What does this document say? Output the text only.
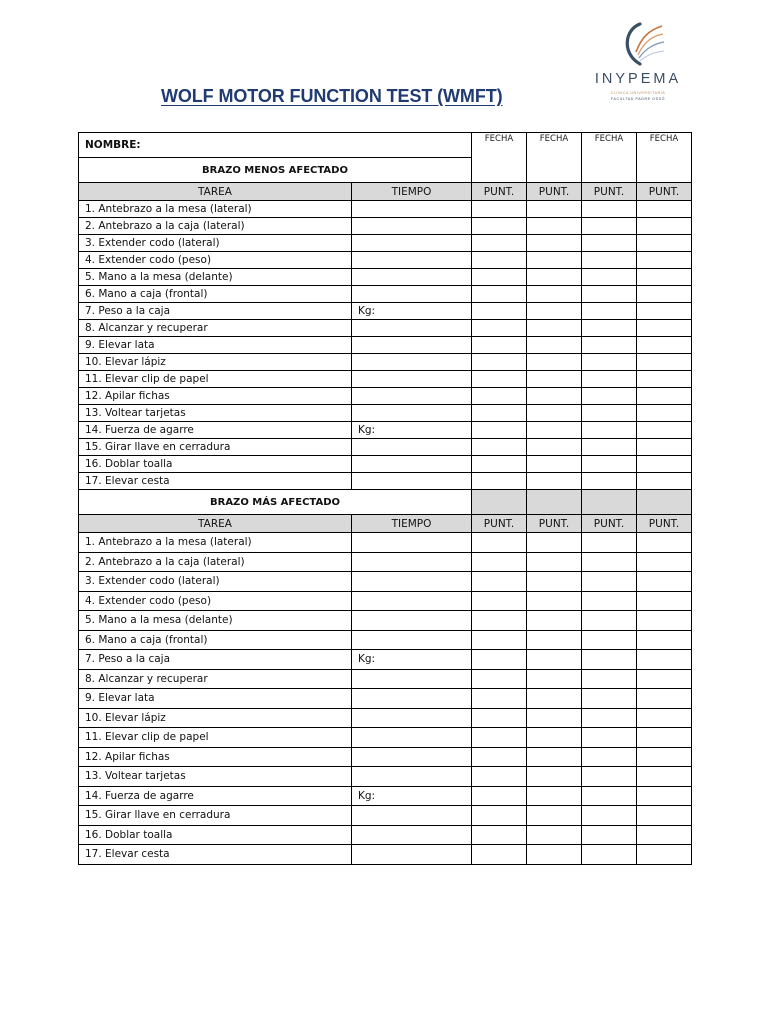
INYPEMA
CLÍNICA UNIVERSITARIA
FACULTAD PADRE OSSÓ
WOLF MOTOR FUNCTION TEST (WMFT)
NOMBRE:		FECHA	FECHA	FECHA	FECHA
BRAZO MENOS AFECTADO					
TAREA	TIEMPO	PUNT.	PUNT.	PUNT.	PUNT.
1. Antebrazo a la mesa (lateral)					
2. Antebrazo a la caja (lateral)					
3. Extender codo (lateral)					
4. Extender codo (peso)					
5. Mano a la mesa (delante)					
6. Mano a caja (frontal)					
7. Peso a la caja	Kg:				
8. Alcanzar y recuperar					
9. Elevar lata					
10. Elevar lápiz					
11. Elevar clip de papel					
12. Apilar fichas					
13. Voltear tarjetas					
14. Fuerza de agarre	Kg:				
15. Girar llave en cerradura					
16. Doblar toalla					
17. Elevar cesta					
BRAZO MÁS AFECTADO					
TAREA	TIEMPO	PUNT.	PUNT.	PUNT.	PUNT.
1. Antebrazo a la mesa (lateral)					
2. Antebrazo a la caja (lateral)					
3. Extender codo (lateral)					
4. Extender codo (peso)					
5. Mano a la mesa (delante)					
6. Mano a caja (frontal)					
7. Peso a la caja	Kg:				
8. Alcanzar y recuperar					
9. Elevar lata					
10. Elevar lápiz					
11. Elevar clip de papel					
12. Apilar fichas					
13. Voltear tarjetas					
14. Fuerza de agarre	Kg:				
15. Girar llave en cerradura					
16. Doblar toalla					
17. Elevar cesta					
